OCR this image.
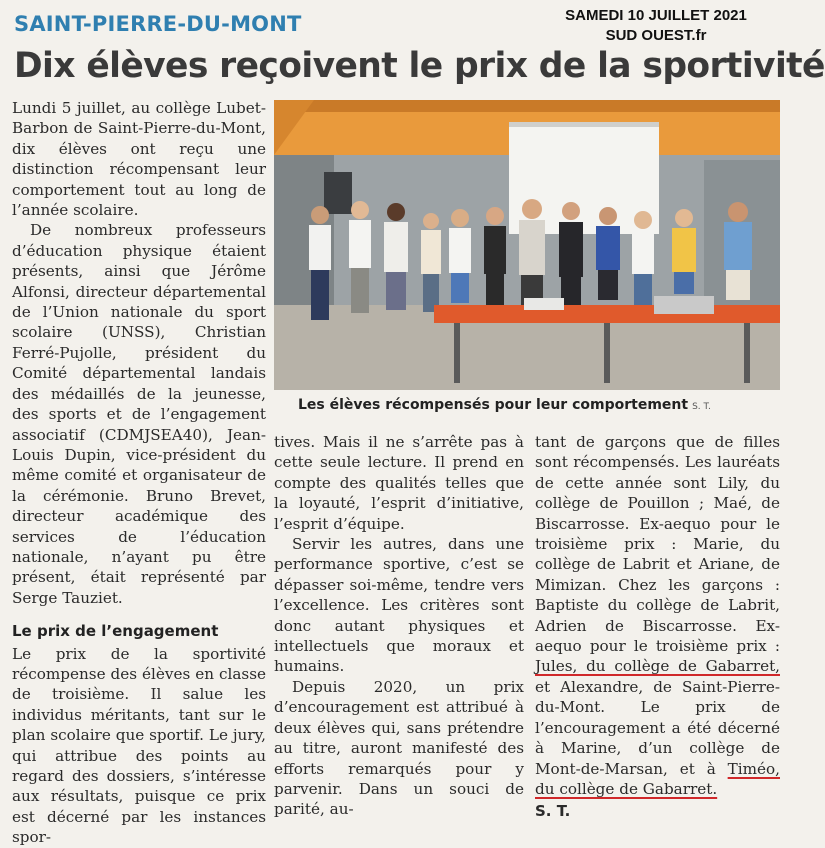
SAINT-PIERRE-DU-MONT	SAMEDI 10 JUILLET 2021
SUD OUEST.fr
Dix élèves reçoivent le prix de la sportivité
Les élèves récompensés pour leur comportement S. T.

Lundi 5 juillet, au collège Lubet-Barbon de Saint-Pierre-du-Mont, dix élèves ont reçu une distinction récompensant leur comportement tout au long de l’année scolaire.

De nombreux professeurs d’éducation physique étaient présents, ainsi que Jérôme Alfonsi, directeur départemental de l’Union nationale du sport scolaire (UNSS), Christian Ferré-Pujolle, président du Comité départemental landais des médaillés de la jeunesse, des sports et de l’engagement associatif (CDMJSEA40), Jean-Louis Dupin, vice-président du même comité et organisateur de la cérémonie. Bruno Brevet, directeur académique des services de l’éducation nationale, n’ayant pu être présent, était représenté par Serge Tauziet.

Le prix de l’engagement

Le prix de la sportivité récompense des élèves en classe de troisième. Il salue les individus méritants, tant sur le plan scolaire que sportif. Le jury, qui attribue des points au regard des dossiers, s’intéresse aux résultats, puisque ce prix est décerné par les instances spor-

tives. Mais il ne s’arrête pas à cette seule lecture. Il prend en compte des qualités telles que la loyauté, l’esprit d’initiative, l’esprit d’équipe.

Servir les autres, dans une performance sportive, c’est se dépasser soi-même, tendre vers l’excellence. Les critères sont donc autant physiques et intellectuels que moraux et humains.

Depuis 2020, un prix d’encouragement est attribué à deux élèves qui, sans prétendre au titre, auront manifesté des efforts remarqués pour y parvenir. Dans un souci de parité, au-

tant de garçons que de filles sont récompensés. Les lauréats de cette année sont Lily, du collège de Pouillon ; Maé, de Biscarrosse. Ex-aequo pour le troisième prix : Marie, du collège de Labrit et Ariane, de Mimizan. Chez les garçons : Baptiste du collège de Labrit, Adrien de Biscarrosse. Ex-aequo pour le troisième prix : Jules, du collège de Gabarret, et Alexandre, de Saint-Pierre-du-Mont. Le prix de l’encouragement a été décerné à Marine, d’un collège de Mont-de-Marsan, et à Timéo, du collège de Gabarret.

S. T.
